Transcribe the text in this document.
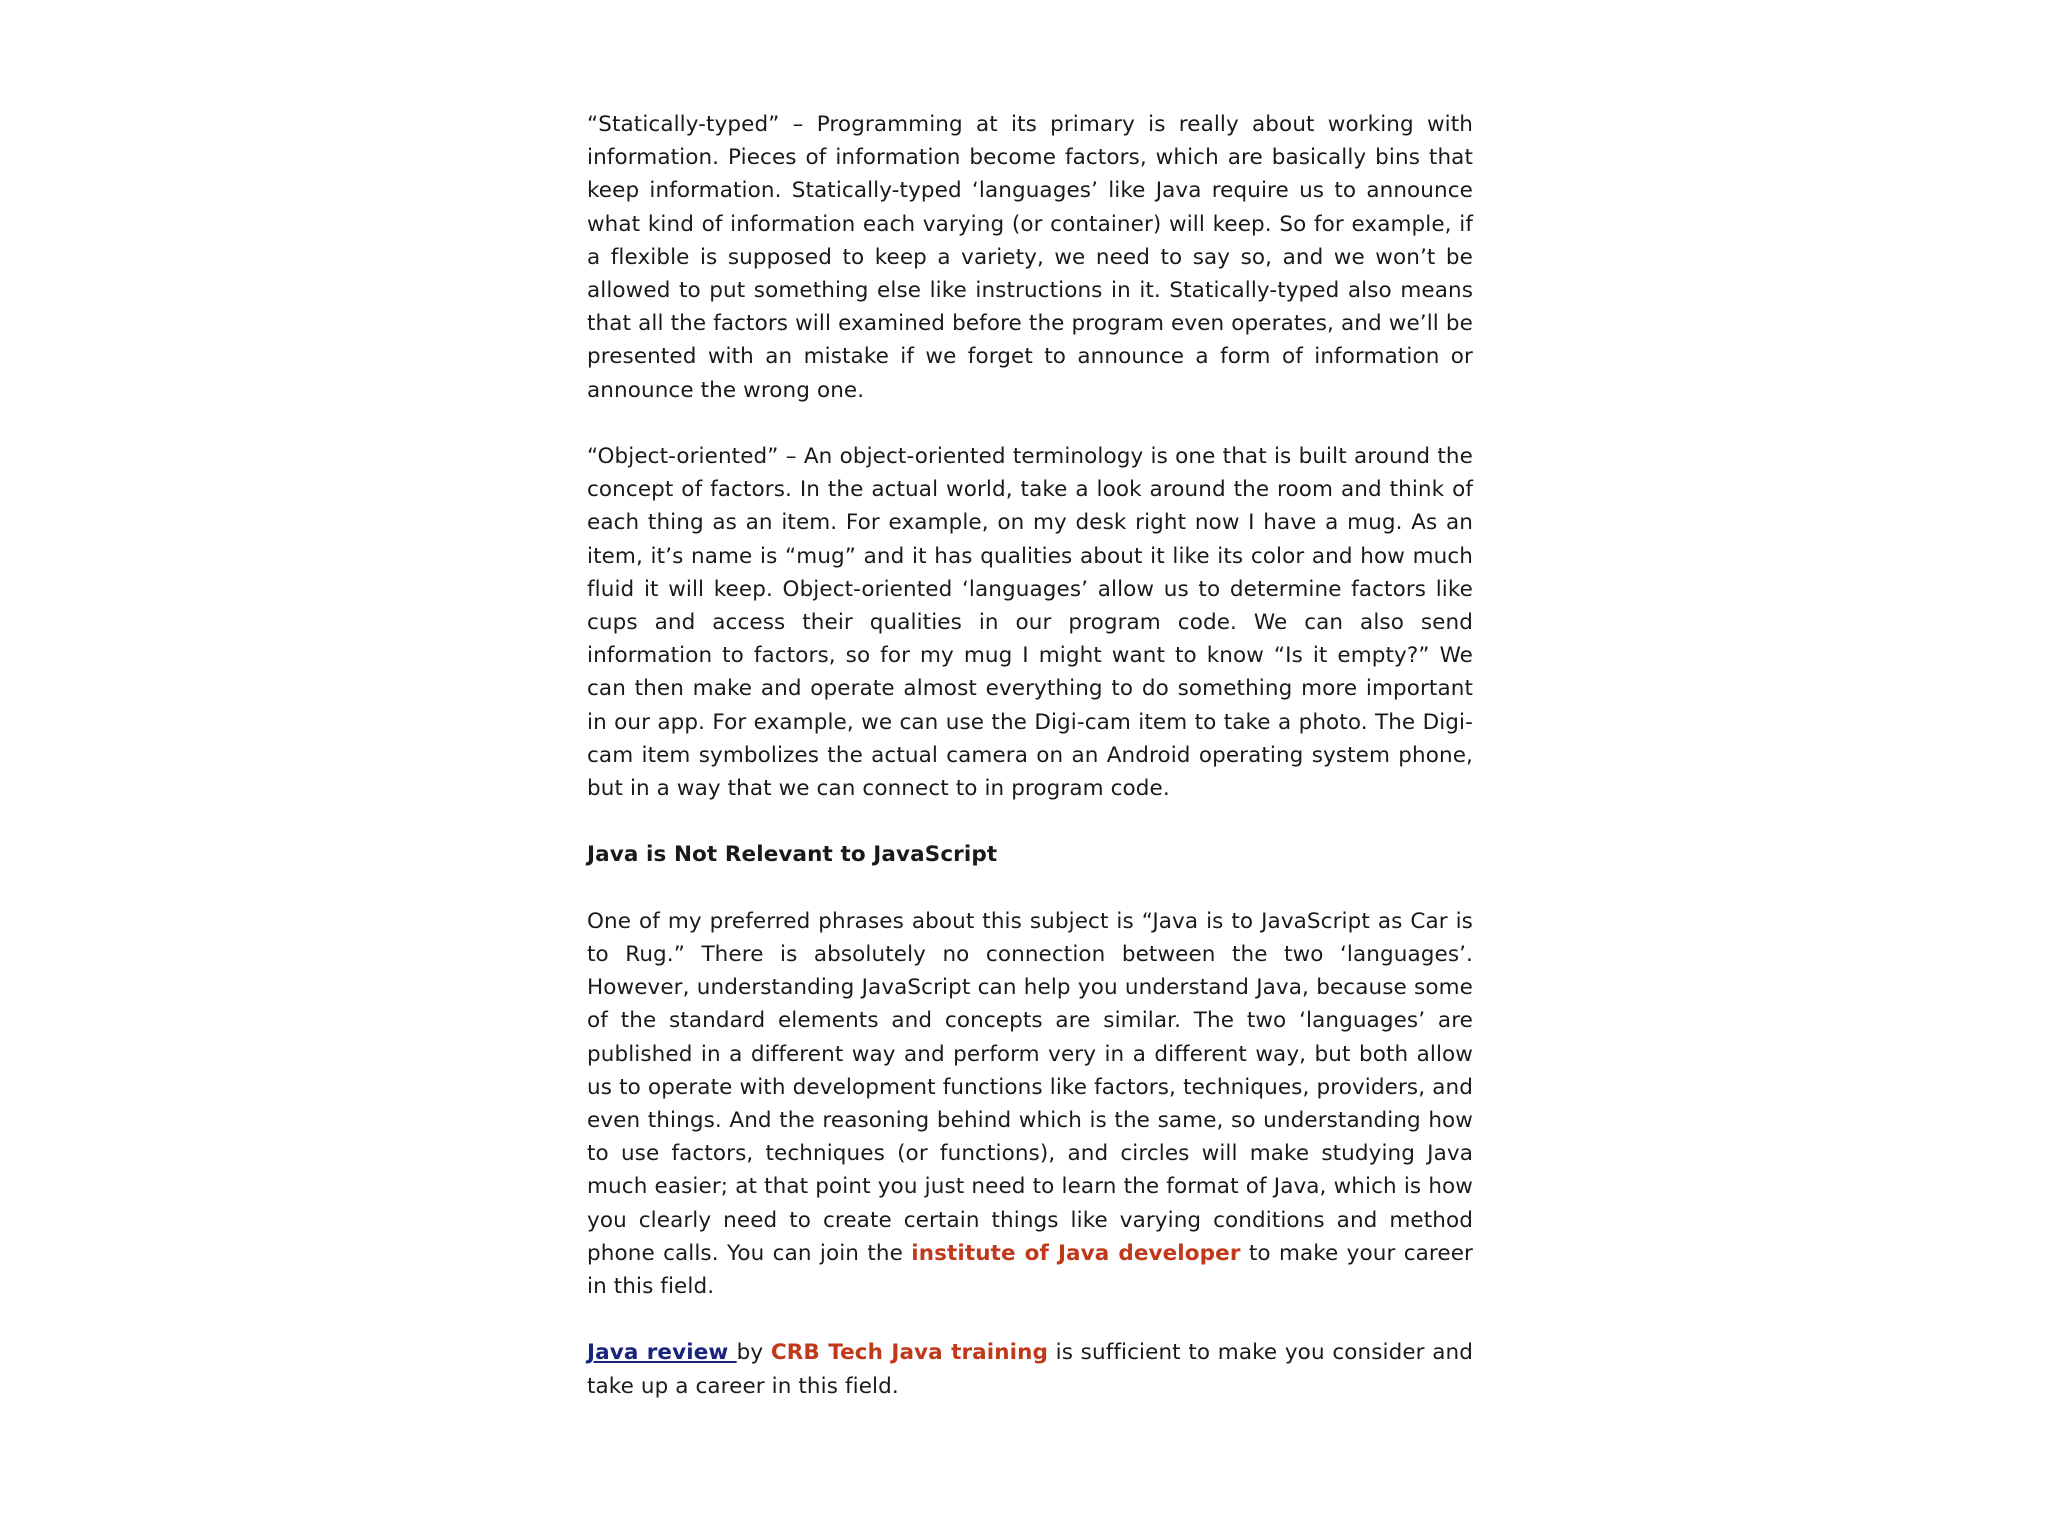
“Statically-typed” – Programming at its primary is really about working with information. Pieces of information become factors, which are basically bins that keep information. Statically-typed ‘languages’ like Java require us to announce what kind of information each varying (or container) will keep. So for example, if a flexible is supposed to keep a variety, we need to say so, and we won’t be allowed to put something else like instructions in it. Statically-typed also means that all the factors will examined before the program even operates, and we’ll be presented with an mistake if we forget to announce a form of information or announce the wrong one.

“Object-oriented” – An object-oriented terminology is one that is built around the concept of factors. In the actual world, take a look around the room and think of each thing as an item. For example, on my desk right now I have a mug. As an item, it’s name is “mug” and it has qualities about it like its color and how much fluid it will keep. Object-oriented ‘languages’ allow us to determine factors like cups and access their qualities in our program code. We can also send information to factors, so for my mug I might want to know “Is it empty?” We can then make and operate almost everything to do something more important in our app. For example, we can use the Digi-cam item to take a photo. The Digi-cam item symbolizes the actual camera on an Android operating system phone, but in a way that we can connect to in program code.

Java is Not Relevant to JavaScript

One of my preferred phrases about this subject is “Java is to JavaScript as Car is to Rug.” There is absolutely no connection between the two ‘languages’. However, understanding JavaScript can help you understand Java, because some of the standard elements and concepts are similar. The two ‘languages’ are published in a different way and perform very in a different way, but both allow us to operate with development functions like factors, techniques, providers, and even things. And the reasoning behind which is the same, so understanding how to use factors, techniques (or functions), and circles will make studying Java much easier; at that point you just need to learn the format of Java, which is how you clearly need to create certain things like varying conditions and method phone calls. You can join the institute of Java developer to make your career in this field.

Java review by CRB Tech Java training is sufficient to make you consider and take up a career in this field.
